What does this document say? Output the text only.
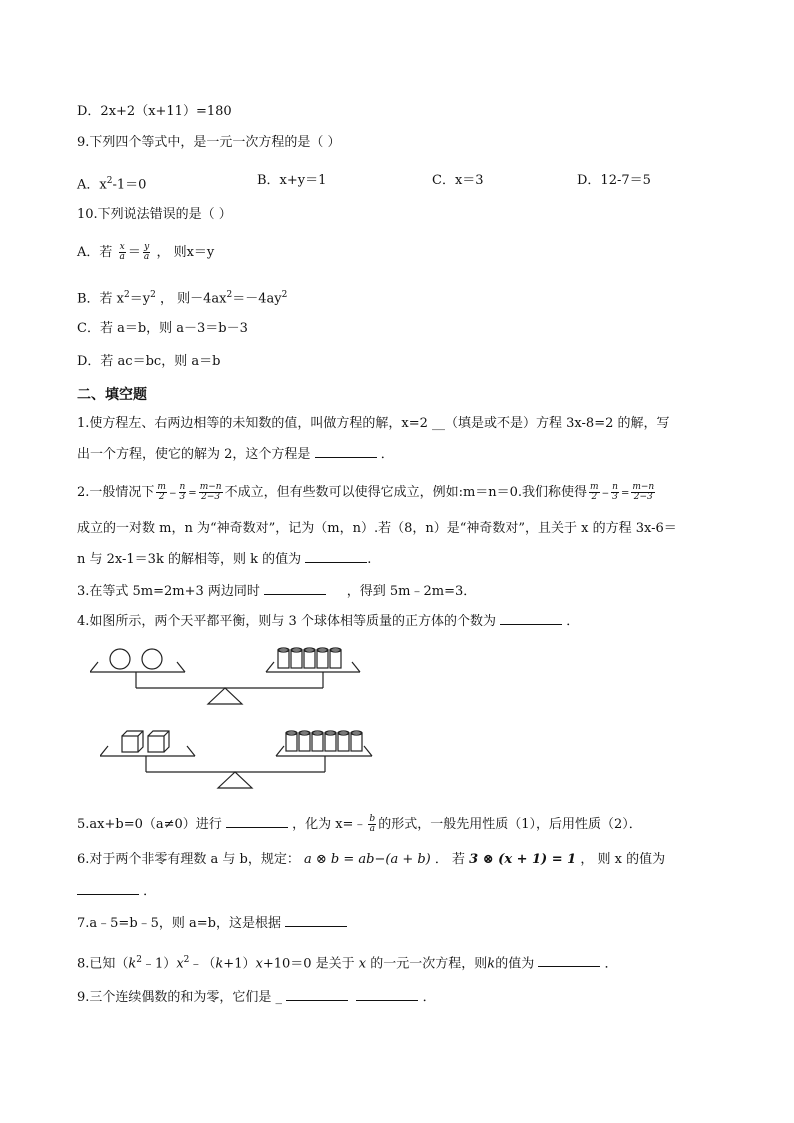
D．2x+2（x+11）=180
9.下列四个等式中，是一元一次方程的是（ ）
A．$x^2-1=0$	B．x+y＝1	C．x＝3	D．12-7＝5
10.下列说法错误的是（ ）
A．若 $\frac{x}{a} = \frac{y}{a}$ ， 则x＝y
B．若 $x^2=y^2$ ， 则$-4ax^2=-4ay^2$
C．若 a＝b，则 a－3＝b－3
D．若 ac＝bc，则 a＝b
二、填空题
1.使方程左、右两边相等的未知数的值，叫做方程的解，x=2 __（填是或不是）方程 3x-8=2 的解，写
出一个方程，使它的解为 2，这个方程是	．
2.一般情况下 $\frac{m}{2} - \frac{n}{3} = \frac{m-n}{2-3}$ 不成立，但有些数可以使得它成立，例如:m＝n＝0.我们称使得 $\frac{m}{2} - \frac{n}{3} = \frac{m-n}{2-3}$
成立的一对数 m，n 为“神奇数对”，记为（m，n）.若（8，n）是“神奇数对”，且关于 x 的方程 3x-6＝
n 与 2x-1＝3k 的解相等，则 k 的值为	.
3.在等式 5m=2m+3 两边同时	，得到 5m﹣2m=3．
4.如图所示，两个天平都平衡，则与 3 个球体相等质量的正方体的个数为	．
5.ax+b=0（a≠0）进行	，化为 x=﹣ $\frac{b}{a}$ 的形式，一般先用性质（1），后用性质（2）．
6.对于两个非零有理数 a 与 b，规定： a ⊗ b = ab−(a + b) ． 若 3 ⊗ (x + 1) = 1 ， 则 x 的值为
．
7.a﹣5=b﹣5，则 a=b，这是根据
8.已知$(k^2﹣1)x^2﹣(k+1)x+10=0$ 是关于 x 的一元一次方程，则k的值为	．
9.三个连续偶数的和为零，它们是 _	．
